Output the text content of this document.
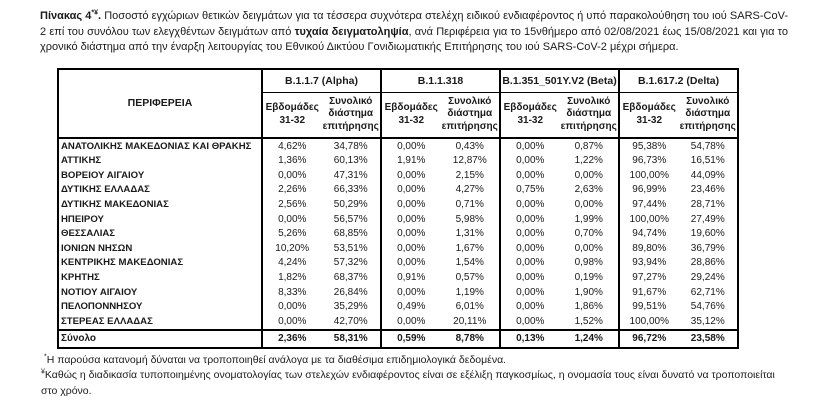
Πίνακας 4*¥. Ποσοστό εγχώριων θετικών δειγμάτων για τα τέσσερα συχνότερα στελέχη ειδικού ενδιαφέροντος ή υπό παρακολούθηση του ιού SARS-CoV-2 επί του συνόλου των ελεγχθέντων δειγμάτων από τυχαία δειγματοληψία, ανά Περιφέρεια για το 15νθήμερο από 02/08/2021 έως 15/08/2021 και για το χρονικό διάστημα από την έναρξη λειτουργίας του Εθνικού Δικτύου Γονιδιωματικής Επιτήρησης του ιού SARS-CoV-2 μέχρι σήμερα.

ΠΕΡΙΦΕΡΕΙΑ	B.1.1.7 (Alpha)		B.1.1.318		B.1.351_501Y.V2 (Beta)		B.1.617.2 (Delta)	
	Εβδομάδες 31-32	Συνολικό διάστημα επιτήρησης	Εβδομάδες 31-32	Συνολικό διάστημα επιτήρησης	Εβδομάδες 31-32	Συνολικό διάστημα επιτήρησης	Εβδομάδες 31-32	Συνολικό διάστημα επιτήρησης
ΑΝΑΤΟΛΙΚΗΣ ΜΑΚΕΔΟΝΙΑΣ ΚΑΙ ΘΡΑΚΗΣ	4,62%	34,78%	0,00%	0,43%	0,00%	0,87%	95,38%	54,78%
ΑΤΤΙΚΗΣ	1,36%	60,13%	1,91%	12,87%	0,00%	1,22%	96,73%	16,51%
ΒΟΡΕΙΟΥ ΑΙΓΑΙΟΥ	0,00%	47,31%	0,00%	2,15%	0,00%	0,00%	100,00%	44,09%
ΔΥΤΙΚΗΣ ΕΛΛΑΔΑΣ	2,26%	66,33%	0,00%	4,27%	0,75%	2,63%	96,99%	23,46%
ΔΥΤΙΚΗΣ ΜΑΚΕΔΟΝΙΑΣ	2,56%	50,29%	0,00%	0,71%	0,00%	0,00%	97,44%	28,71%
ΗΠΕΙΡΟΥ	0,00%	56,57%	0,00%	5,98%	0,00%	1,99%	100,00%	27,49%
ΘΕΣΣΑΛΙΑΣ	5,26%	68,85%	0,00%	1,31%	0,00%	0,70%	94,74%	19,60%
ΙΟΝΙΩΝ ΝΗΣΩΝ	10,20%	53,51%	0,00%	1,67%	0,00%	0,00%	89,80%	36,79%
ΚΕΝΤΡΙΚΗΣ ΜΑΚΕΔΟΝΙΑΣ	4,24%	57,32%	0,00%	1,54%	0,00%	0,98%	93,94%	28,86%
ΚΡΗΤΗΣ	1,82%	68,37%	0,91%	0,57%	0,00%	0,19%	97,27%	29,24%
ΝΟΤΙΟΥ ΑΙΓΑΙΟΥ	8,33%	26,84%	0,00%	1,19%	0,00%	1,90%	91,67%	62,71%
ΠΕΛΟΠΟΝΝΗΣΟΥ	0,00%	35,29%	0,49%	6,01%	0,00%	1,86%	99,51%	54,76%
ΣΤΕΡΕΑΣ ΕΛΛΑΔΑΣ	0,00%	42,70%	0,00%	20,11%	0,00%	1,52%	100,00%	35,12%
Σύνολο	2,36%	58,31%	0,59%	8,78%	0,13%	1,24%	96,72%	23,58%

*Η παρούσα κατανομή δύναται να τροποποιηθεί ανάλογα με τα διαθέσιμα επιδημιολογικά δεδομένα.

¥Καθώς η διαδικασία τυποποιημένης ονοματολογίας των στελεχών ενδιαφέροντος είναι σε εξέλιξη παγκοσμίως, η ονομασία τους είναι δυνατό να τροποποιείται στο χρόνο.
